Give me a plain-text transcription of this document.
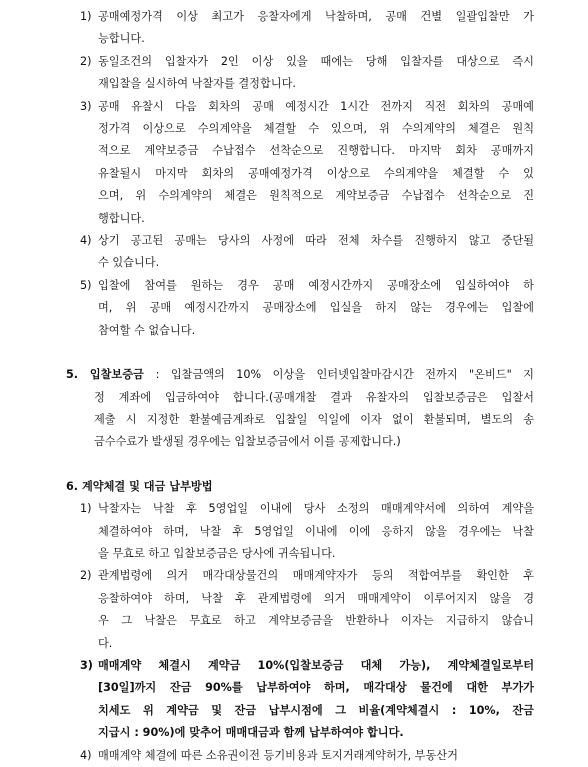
1) 공매예정가격 이상 최고가 응찰자에게 낙찰하며, 공매 건별 일괄입찰만 가
능합니다.
2) 동일조건의 입찰자가 2인 이상 있을 때에는 당해 입찰자를 대상으로 즉시
재입찰을 실시하여 낙찰자를 결정합니다.
3) 공매 유찰시 다음 회차의 공매 예정시간 1시간 전까지 직전 회차의 공매예
정가격 이상으로 수의계약을 체결할 수 있으며, 위 수의계약의 체결은 원칙
적으로 계약보증금 수납접수 선착순으로 진행합니다. 마지막 회차 공매까지
유찰될시 마지막 회차의 공매예정가격 이상으로 수의계약을 체결할 수 있
으며, 위 수의계약의 체결은 원칙적으로 계약보증금 수납접수 선착순으로 진
행합니다.
4) 상기 공고된 공매는 당사의 사정에 따라 전체 차수를 진행하지 않고 중단될
수 있습니다.
5) 입찰에 참여를 원하는 경우 공매 예정시간까지 공매장소에 입실하여야 하
며, 위 공매 예정시간까지 공매장소에 입실을 하지 않는 경우에는 입찰에
참여할 수 없습니다.
5. 입찰보증금 : 입찰금액의 10% 이상을 인터넷입찰마감시간 전까지 "온비드" 지
정 계좌에 입금하여야 합니다.(공매개찰 결과 유찰자의 입찰보증금은 입찰서
제출 시 지정한 환불예금계좌로 입찰일 익일에 이자 없이 환불되며, 별도의 송
금수수료가 발생될 경우에는 입찰보증금에서 이를 공제합니다.)
6. 계약체결 및 대금 납부방법
1) 낙찰자는 낙찰 후 5영업일 이내에 당사 소정의 매매계약서에 의하여 계약을
체결하여야 하며, 낙찰 후 5영업일 이내에 이에 응하지 않을 경우에는 낙찰
을 무효로 하고 입찰보증금은 당사에 귀속됩니다.
2) 관계법령에 의거 매각대상물건의 매매계약자가 등의 적합여부를 확인한 후
응찰하여야 하며, 낙찰 후 관계법령에 의거 매매계약이 이루어지지 않을 경
우 그 낙찰은 무효로 하고 계약보증금을 반환하나 이자는 지급하지 않습니
다.
3) 매매계약 체결시 계약금 10%(입찰보증금 대체 가능), 계약체결일로부터
[30일]까지 잔금 90%를 납부하여야 하며, 매각대상 물건에 대한 부가가
치세도 위 계약금 및 잔금 납부시점에 그 비율(계약체결시 : 10%, 잔금
지급시 : 90%)에 맞추어 매매대금과 함께 납부하여야 합니다.
4) 매매계약 체결에 따른 소유권이전 등기비용과 토지거래계약허가, 부동산거
